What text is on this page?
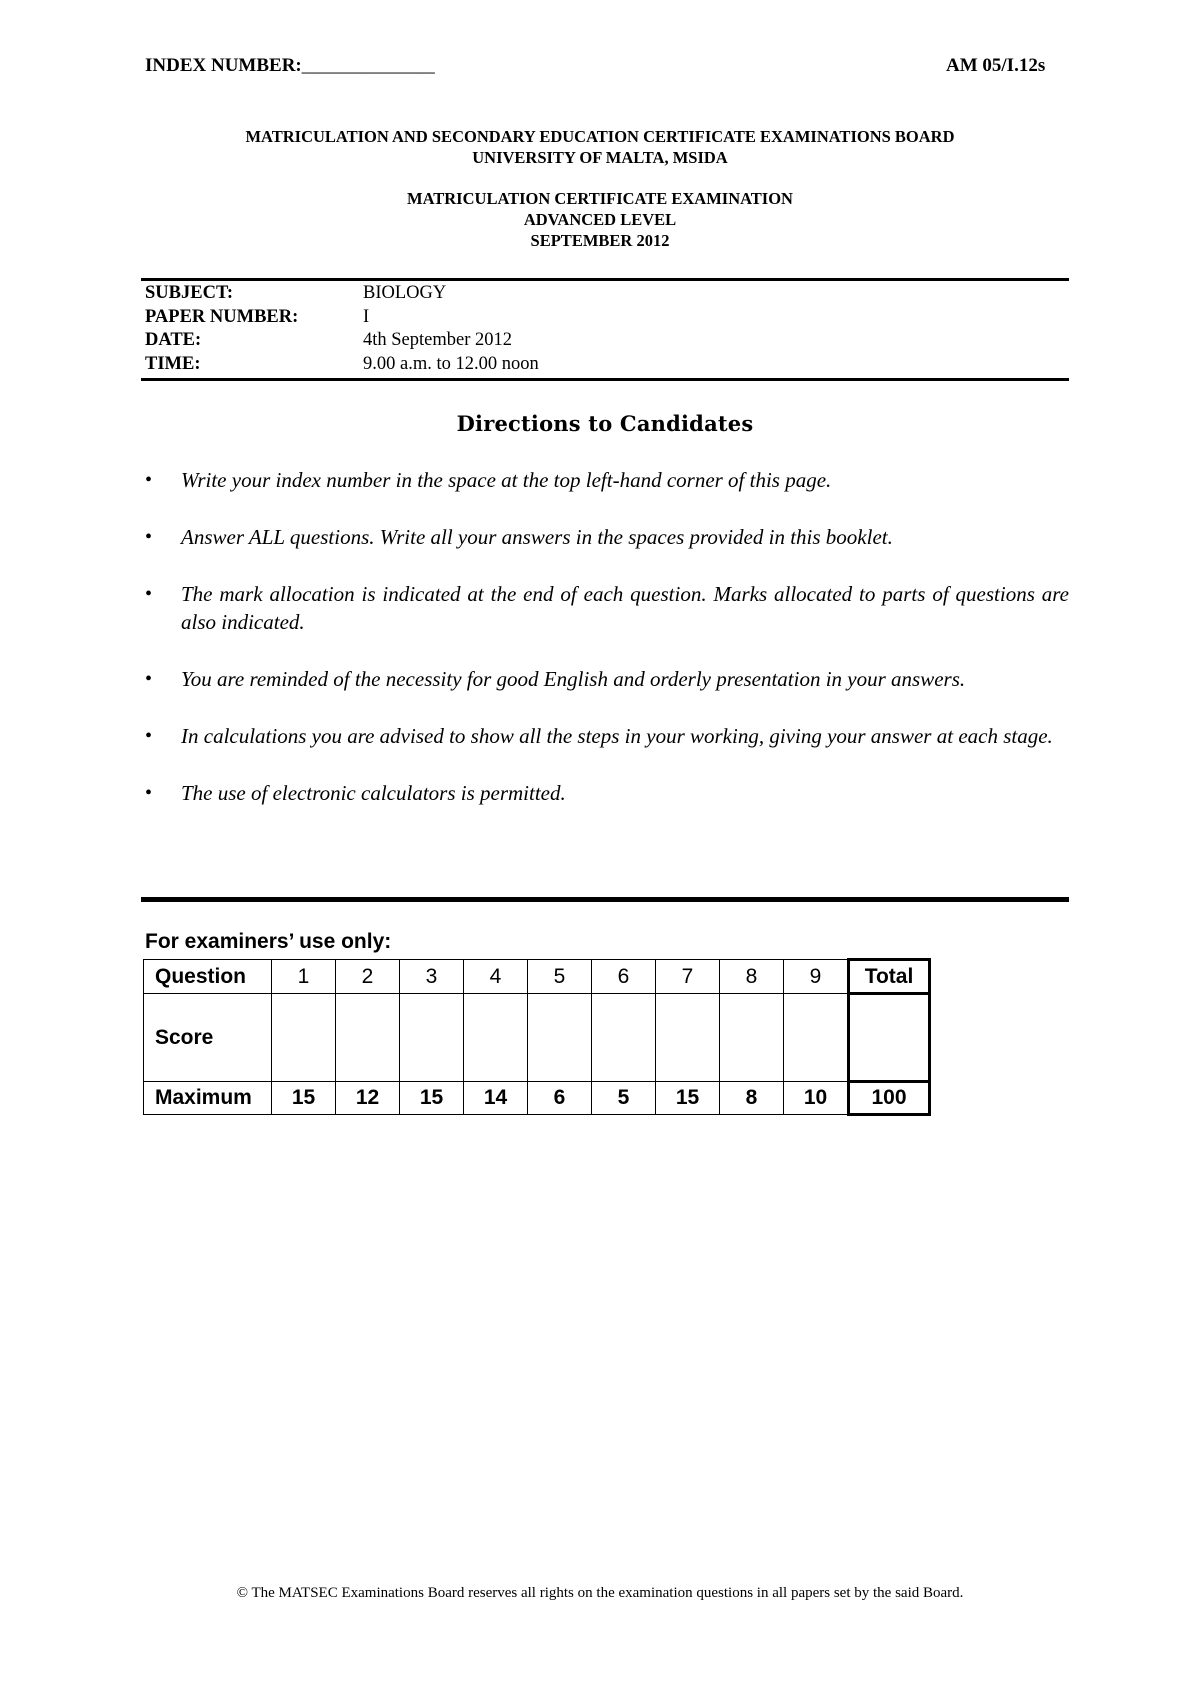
INDEX NUMBER:______________	AM 05/I.12s
MATRICULATION AND SECONDARY EDUCATION CERTIFICATE EXAMINATIONS BOARD
UNIVERSITY OF MALTA, MSIDA
MATRICULATION CERTIFICATE EXAMINATION
ADVANCED LEVEL
SEPTEMBER 2012
SUBJECT:	BIOLOGY
PAPER NUMBER:	I
DATE:	4th September 2012
TIME:	9.00 a.m. to 12.00 noon
Directions to Candidates
• Write your index number in the space at the top left-hand corner of this page.
• Answer ALL questions. Write all your answers in the spaces provided in this booklet.
• The mark allocation is indicated at the end of each question. Marks allocated to parts of questions are also indicated.
• You are reminded of the necessity for good English and orderly presentation in your answers.
• In calculations you are advised to show all the steps in your working, giving your answer at each stage.
• The use of electronic calculators is permitted.
For examiners’ use only:
Question	1	2	3	4	5	6	7	8	9	Total
Score										
Maximum	15	12	15	14	6	5	15	8	10	100
© The MATSEC Examinations Board reserves all rights on the examination questions in all papers set by the said Board.
